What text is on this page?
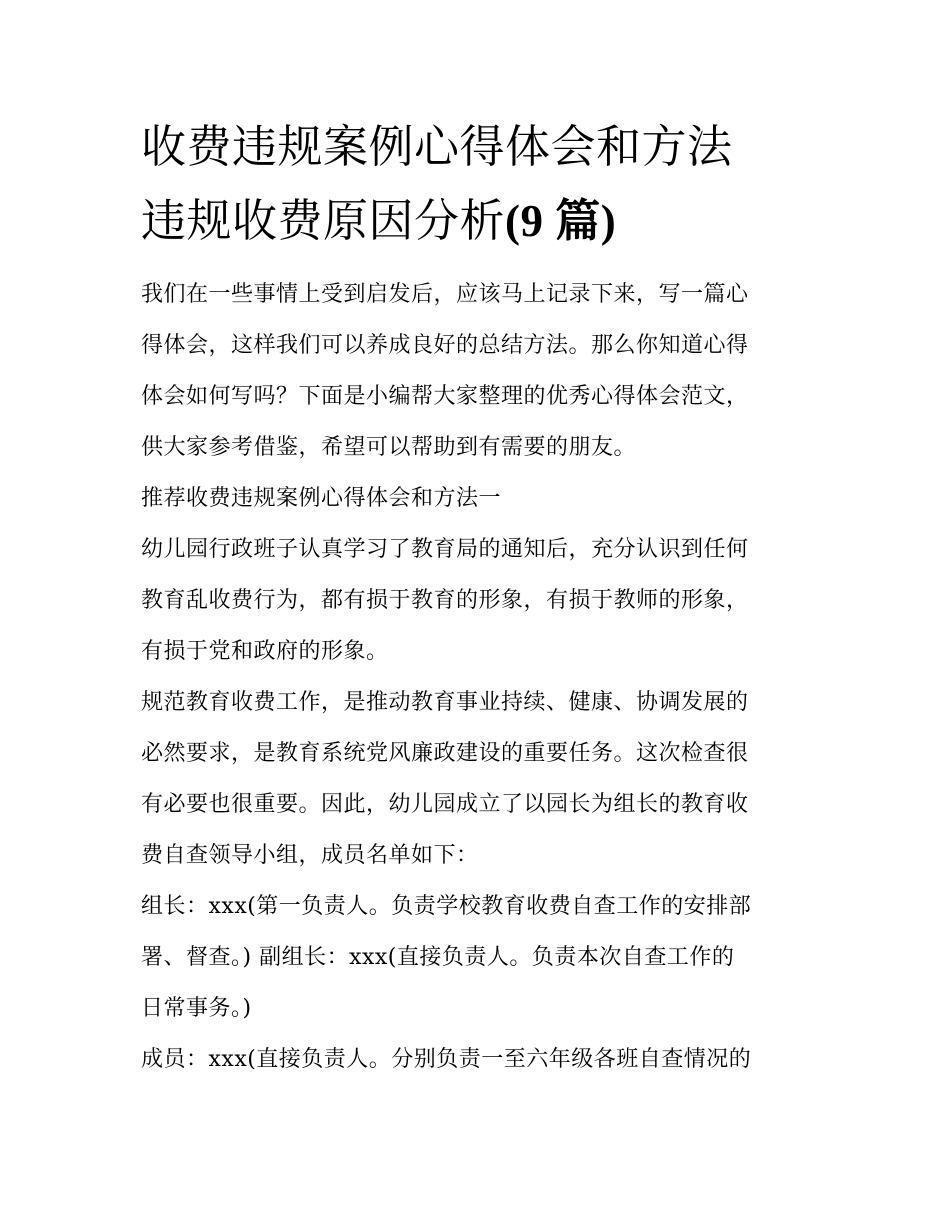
收费违规案例心得体会和方法
违规收费原因分析(9 篇)

我们在一些事情上受到启发后，应该马上记录下来，写一篇心
得体会，这样我们可以养成良好的总结方法。那么你知道心得
体会如何写吗？下面是小编帮大家整理的优秀心得体会范文，
供大家参考借鉴，希望可以帮助到有需要的朋友。

推荐收费违规案例心得体会和方法一

幼儿园行政班子认真学习了教育局的通知后，充分认识到任何
教育乱收费行为，都有损于教育的形象，有损于教师的形象，
有损于党和政府的形象。

规范教育收费工作，是推动教育事业持续、健康、协调发展的
必然要求，是教育系统党风廉政建设的重要任务。这次检查很
有必要也很重要。因此，幼儿园成立了以园长为组长的教育收
费自查领导小组，成员名单如下：

组长：xxx(第一负责人。负责学校教育收费自查工作的安排部
署、督查。) 副组长：xxx(直接负责人。负责本次自查工作的
日常事务。)

成员：xxx(直接负责人。分别负责一至六年级各班自查情况的
